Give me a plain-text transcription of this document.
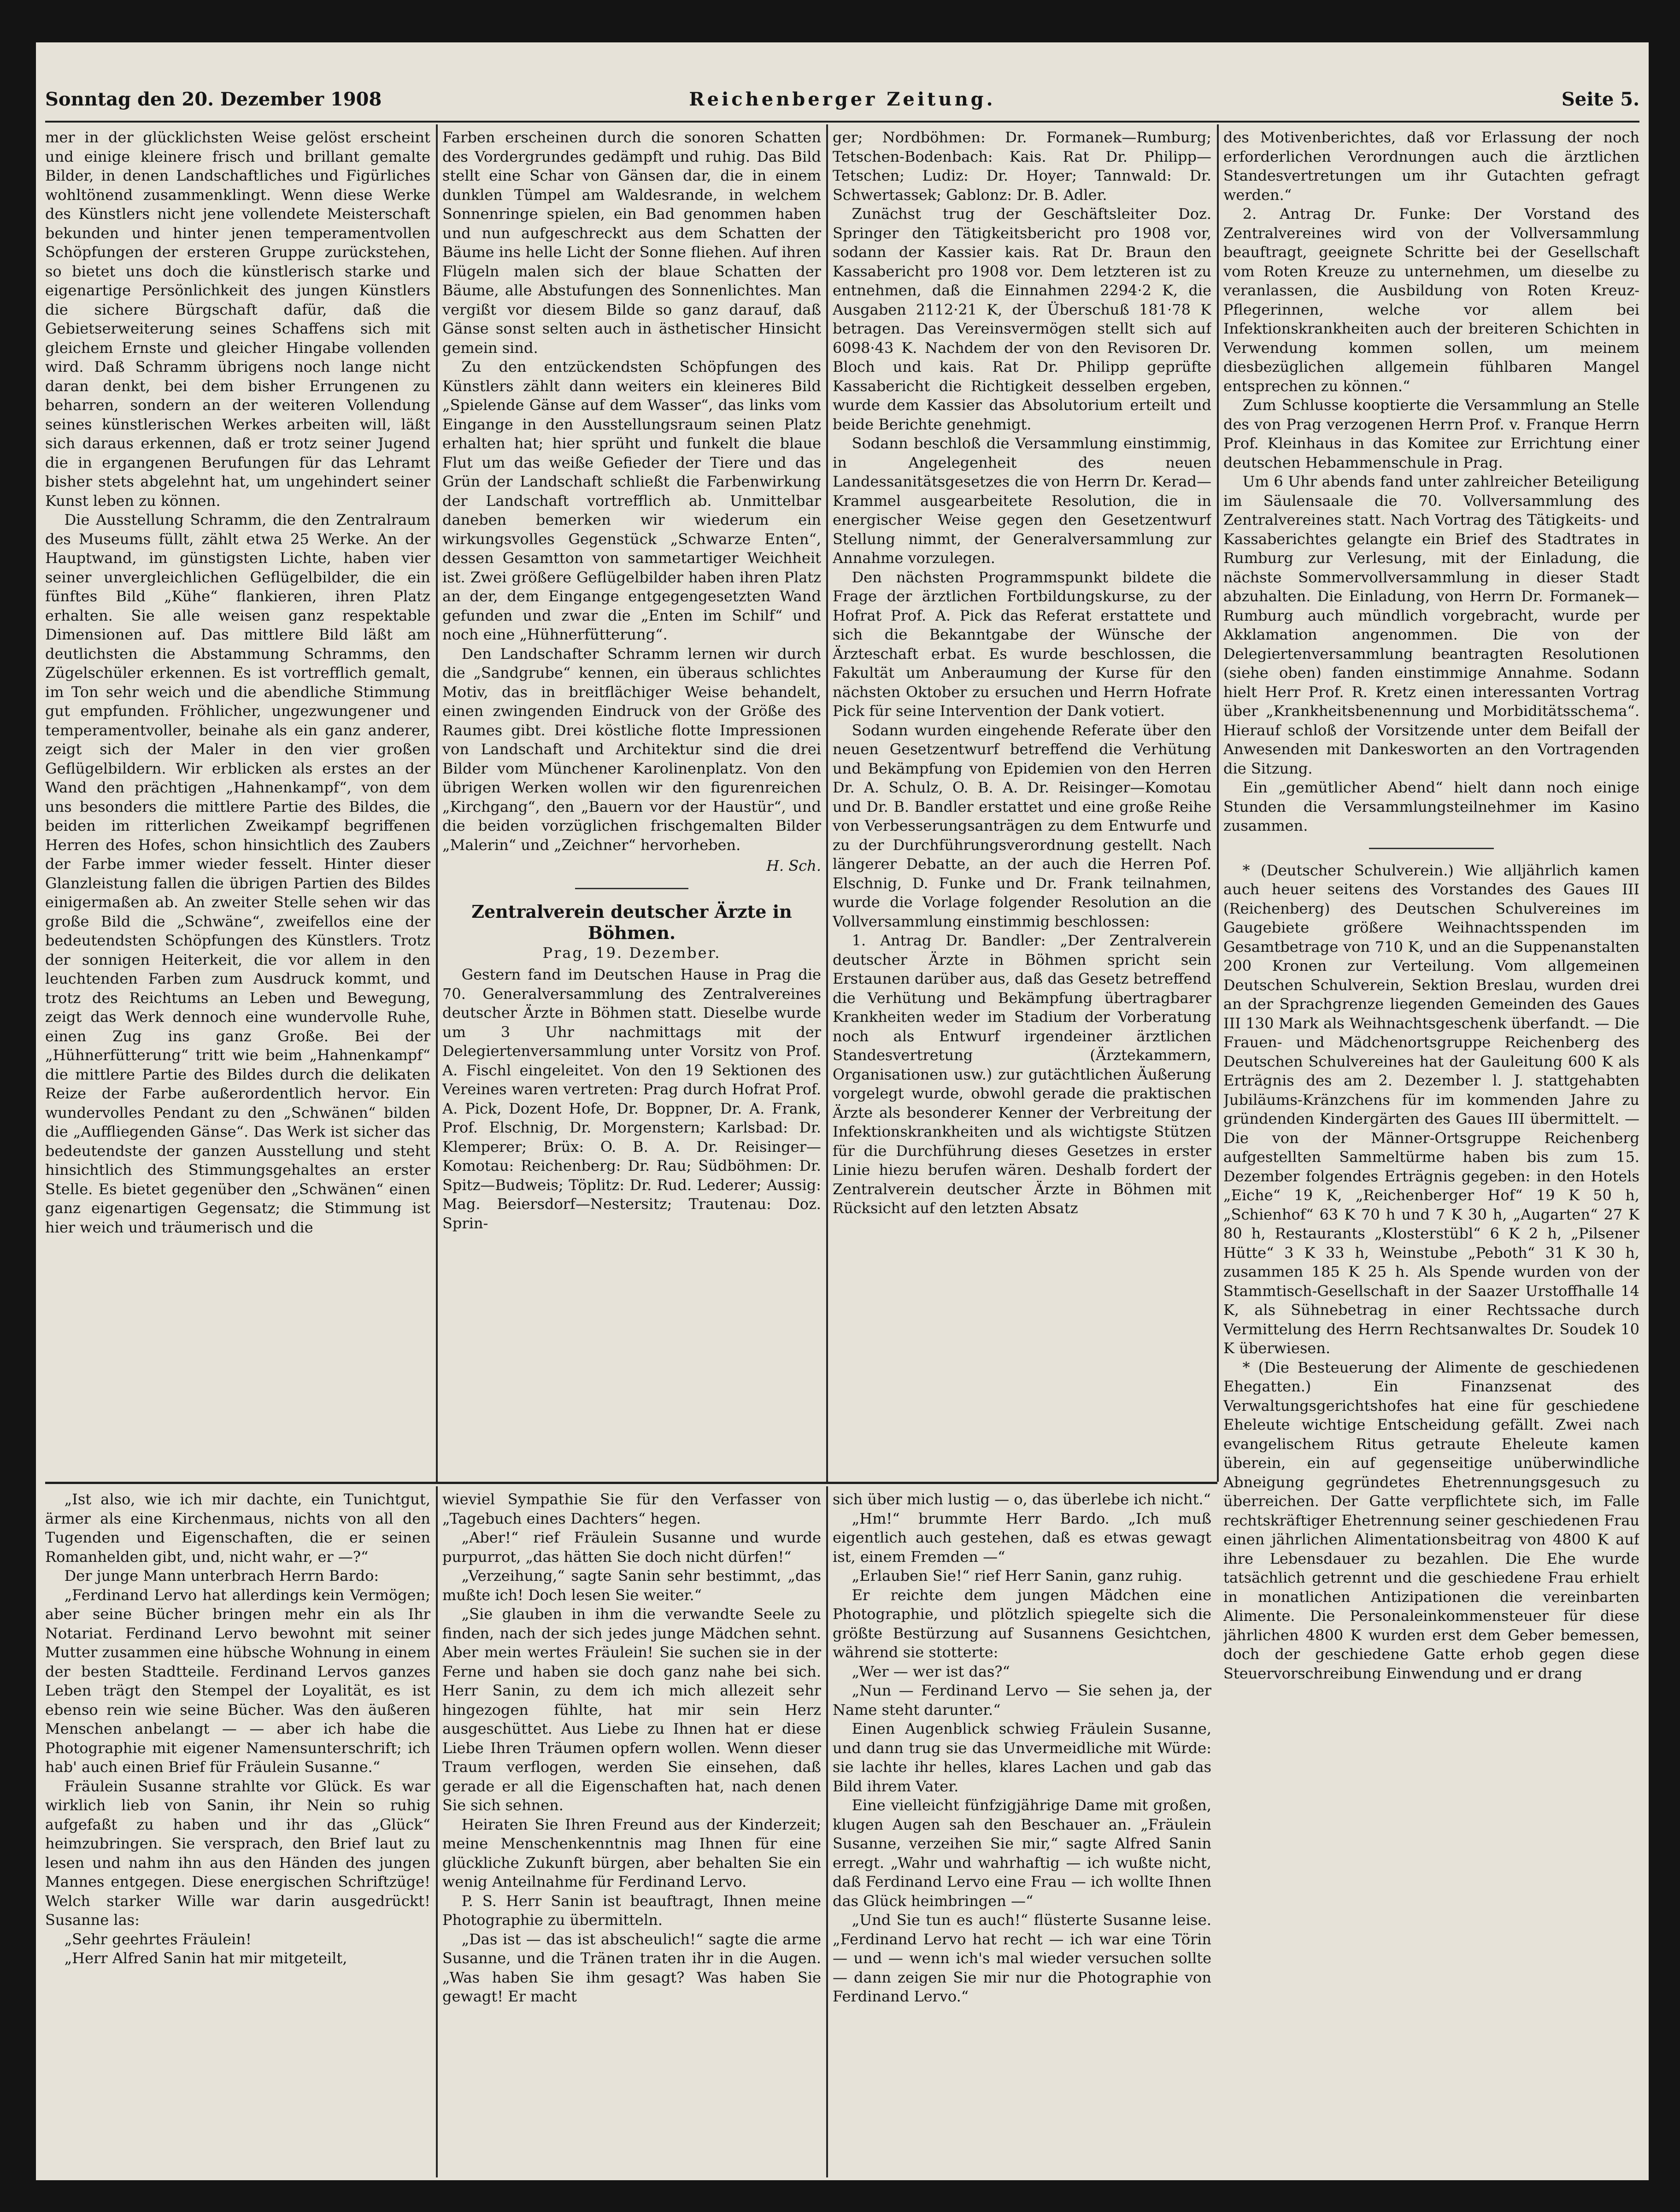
Sonntag den 20. Dezember 1908	Reichenberger Zeitung.	Seite 5.

mer in der glücklichsten Weise gelöst erscheint und einige kleinere frisch und brillant gemalte Bilder, in denen Landschaftliches und Figürliches wohltönend zusammenklingt. Wenn diese Werke des Künstlers nicht jene vollendete Meisterschaft bekunden und hinter jenen temperamentvollen Schöpfungen der ersteren Gruppe zurückstehen, so bietet uns doch die künstlerisch starke und eigenartige Persönlichkeit des jungen Künstlers die sichere Bürgschaft dafür, daß die Gebietserweiterung seines Schaffens sich mit gleichem Ernste und gleicher Hingabe vollenden wird. Daß Schramm übrigens noch lange nicht daran denkt, bei dem bisher Errungenen zu beharren, sondern an der weiteren Vollendung seines künstlerischen Werkes arbeiten will, läßt sich daraus erkennen, daß er trotz seiner Jugend die in ergangenen Berufungen für das Lehramt bisher stets abgelehnt hat, um ungehindert seiner Kunst leben zu können.

Die Ausstellung Schramm, die den Zentralraum des Museums füllt, zählt etwa 25 Werke. An der Hauptwand, im günstigsten Lichte, haben vier seiner unvergleichlichen Geflügelbilder, die ein fünftes Bild „Kühe“ flankieren, ihren Platz erhalten. Sie alle weisen ganz respektable Dimensionen auf. Das mittlere Bild läßt am deutlichsten die Abstammung Schramms, den Zügelschüler erkennen. Es ist vortrefflich gemalt, im Ton sehr weich und die abendliche Stimmung gut empfunden. Fröhlicher, ungezwungener und temperamentvoller, beinahe als ein ganz anderer, zeigt sich der Maler in den vier großen Geflügelbildern. Wir erblicken als erstes an der Wand den prächtigen „Hahnenkampf“, von dem uns besonders die mittlere Partie des Bildes, die beiden im ritterlichen Zweikampf begriffenen Herren des Hofes, schon hinsichtlich des Zaubers der Farbe immer wieder fesselt. Hinter dieser Glanzleistung fallen die übrigen Partien des Bildes einigermaßen ab. An zweiter Stelle sehen wir das große Bild die „Schwäne“, zweifellos eine der bedeutendsten Schöpfungen des Künstlers. Trotz der sonnigen Heiterkeit, die vor allem in den leuchtenden Farben zum Ausdruck kommt, und trotz des Reichtums an Leben und Bewegung, zeigt das Werk dennoch eine wundervolle Ruhe, einen Zug ins ganz Große. Bei der „Hühnerfütterung“ tritt wie beim „Hahnenkampf“ die mittlere Partie des Bildes durch die delikaten Reize der Farbe außerordentlich hervor. Ein wundervolles Pendant zu den „Schwänen“ bilden die „Auffliegenden Gänse“. Das Werk ist sicher das bedeutendste der ganzen Ausstellung und steht hinsichtlich des Stimmungsgehaltes an erster Stelle. Es bietet gegenüber den „Schwänen“ einen ganz eigenartigen Gegensatz; die Stimmung ist hier weich und träumerisch und die

Farben erscheinen durch die sonoren Schatten des Vordergrundes gedämpft und ruhig. Das Bild stellt eine Schar von Gänsen dar, die in einem dunklen Tümpel am Waldesrande, in welchem Sonnenringe spielen, ein Bad genommen haben und nun aufgeschreckt aus dem Schatten der Bäume ins helle Licht der Sonne fliehen. Auf ihren Flügeln malen sich der blaue Schatten der Bäume, alle Abstufungen des Sonnenlichtes. Man vergißt vor diesem Bilde so ganz darauf, daß Gänse sonst selten auch in ästhetischer Hinsicht gemein sind.

Zu den entzückendsten Schöpfungen des Künstlers zählt dann weiters ein kleineres Bild „Spielende Gänse auf dem Wasser“, das links vom Eingange in den Ausstellungsraum seinen Platz erhalten hat; hier sprüht und funkelt die blaue Flut um das weiße Gefieder der Tiere und das Grün der Landschaft schließt die Farbenwirkung der Landschaft vortrefflich ab. Unmittelbar daneben bemerken wir wiederum ein wirkungsvolles Gegenstück „Schwarze Enten“, dessen Gesamtton von sammetartiger Weichheit ist. Zwei größere Geflügelbilder haben ihren Platz an der, dem Eingange entgegengesetzten Wand gefunden und zwar die „Enten im Schilf“ und noch eine „Hühnerfütterung“.

Den Landschafter Schramm lernen wir durch die „Sandgrube“ kennen, ein überaus schlichtes Motiv, das in breitflächiger Weise behandelt, einen zwingenden Eindruck von der Größe des Raumes gibt. Drei köstliche flotte Impressionen von Landschaft und Architektur sind die drei Bilder vom Münchener Karolinenplatz. Von den übrigen Werken wollen wir den figurenreichen „Kirchgang“, den „Bauern vor der Haustür“, und die beiden vorzüglichen frischgemalten Bilder „Malerin“ und „Zeichner“ hervorheben.

H. Sch.

Zentralverein deutscher Ärzte in Böhmen.

Prag, 19. Dezember.

Gestern fand im Deutschen Hause in Prag die 70. Generalversammlung des Zentralvereines deutscher Ärzte in Böhmen statt. Dieselbe wurde um 3 Uhr nachmittags mit der Delegiertenversammlung unter Vorsitz von Prof. A. Fischl eingeleitet. Von den 19 Sektionen des Vereines waren vertreten: Prag durch Hofrat Prof. A. Pick, Dozent Hofe, Dr. Boppner, Dr. A. Frank, Prof. Elschnig, Dr. Morgenstern; Karlsbad: Dr. Klemperer; Brüx: O. B. A. Dr. Reisinger—Komotau: Reichenberg: Dr. Rau; Südböhmen: Dr. Spitz—Budweis; Töplitz: Dr. Rud. Lederer; Aussig: Mag. Beiersdorf—Nestersitz; Trautenau: Doz. Sprin-

ger; Nordböhmen: Dr. Formanek—Rumburg; Tetschen-Bodenbach: Kais. Rat Dr. Philipp—Tetschen; Ludiz: Dr. Hoyer; Tannwald: Dr. Schwertassek; Gablonz: Dr. B. Adler.

Zunächst trug der Geschäftsleiter Doz. Springer den Tätigkeitsbericht pro 1908 vor, sodann der Kassier kais. Rat Dr. Braun den Kassabericht pro 1908 vor. Dem letzteren ist zu entnehmen, daß die Einnahmen 2294·2 K, die Ausgaben 2112·21 K, der Überschuß 181·78 K betragen. Das Vereinsvermögen stellt sich auf 6098·43 K. Nachdem der von den Revisoren Dr. Bloch und kais. Rat Dr. Philipp geprüfte Kassabericht die Richtigkeit desselben ergeben, wurde dem Kassier das Absolutorium erteilt und beide Berichte genehmigt.

Sodann beschloß die Versammlung einstimmig, in Angelegenheit des neuen Landessanitätsgesetzes die von Herrn Dr. Kerad—Krammel ausgearbeitete Resolution, die in energischer Weise gegen den Gesetzentwurf Stellung nimmt, der Generalversammlung zur Annahme vorzulegen.

Den nächsten Programmspunkt bildete die Frage der ärztlichen Fortbildungskurse, zu der Hofrat Prof. A. Pick das Referat erstattete und sich die Bekanntgabe der Wünsche der Ärzteschaft erbat. Es wurde beschlossen, die Fakultät um Anberaumung der Kurse für den nächsten Oktober zu ersuchen und Herrn Hofrate Pick für seine Intervention der Dank votiert.

Sodann wurden eingehende Referate über den neuen Gesetzentwurf betreffend die Verhütung und Bekämpfung von Epidemien von den Herren Dr. A. Schulz, O. B. A. Dr. Reisinger—Komotau und Dr. B. Bandler erstattet und eine große Reihe von Verbesserungsanträgen zu dem Entwurfe und zu der Durchführungsverordnung gestellt. Nach längerer Debatte, an der auch die Herren Pof. Elschnig, D. Funke und Dr. Frank teilnahmen, wurde die Vorlage folgender Resolution an die Vollversammlung einstimmig beschlossen:

1. Antrag Dr. Bandler: „Der Zentralverein deutscher Ärzte in Böhmen spricht sein Erstaunen darüber aus, daß das Gesetz betreffend die Verhütung und Bekämpfung übertragbarer Krankheiten weder im Stadium der Vorberatung noch als Entwurf irgendeiner ärztlichen Standesvertretung (Ärztekammern, Organisationen usw.) zur gutächtlichen Äußerung vorgelegt wurde, obwohl gerade die praktischen Ärzte als besonderer Kenner der Verbreitung der Infektionskrankheiten und als wichtigste Stützen für die Durchführung dieses Gesetzes in erster Linie hiezu berufen wären. Deshalb fordert der Zentralverein deutscher Ärzte in Böhmen mit Rücksicht auf den letzten Absatz

des Motivenberichtes, daß vor Erlassung der noch erforderlichen Verordnungen auch die ärztlichen Standesvertretungen um ihr Gutachten gefragt werden.“

2. Antrag Dr. Funke: Der Vorstand des Zentralvereines wird von der Vollversammlung beauftragt, geeignete Schritte bei der Gesellschaft vom Roten Kreuze zu unternehmen, um dieselbe zu veranlassen, die Ausbildung von Roten Kreuz-Pflegerinnen, welche vor allem bei Infektionskrankheiten auch der breiteren Schichten in Verwendung kommen sollen, um meinem diesbezüglichen allgemein fühlbaren Mangel entsprechen zu können.“

Zum Schlusse kooptierte die Versammlung an Stelle des von Prag verzogenen Herrn Prof. v. Franque Herrn Prof. Kleinhaus in das Komitee zur Errichtung einer deutschen Hebammenschule in Prag.

Um 6 Uhr abends fand unter zahlreicher Beteiligung im Säulensaale die 70. Vollversammlung des Zentralvereines statt. Nach Vortrag des Tätigkeits- und Kassaberichtes gelangte ein Brief des Stadtrates in Rumburg zur Verlesung, mit der Einladung, die nächste Sommervollversammlung in dieser Stadt abzuhalten. Die Einladung, von Herrn Dr. Formanek—Rumburg auch mündlich vorgebracht, wurde per Akklamation angenommen. Die von der Delegiertenversammlung beantragten Resolutionen (siehe oben) fanden einstimmige Annahme. Sodann hielt Herr Prof. R. Kretz einen interessanten Vortrag über „Krankheitsbenennung und Morbiditätsschema“. Hierauf schloß der Vorsitzende unter dem Beifall der Anwesenden mit Dankesworten an den Vortragenden die Sitzung.

Ein „gemütlicher Abend“ hielt dann noch einige Stunden die Versammlungsteilnehmer im Kasino zusammen.

* (Deutscher Schulverein.) Wie alljährlich kamen auch heuer seitens des Vorstandes des Gaues III (Reichenberg) des Deutschen Schulvereines im Gaugebiete größere Weihnachtsspenden im Gesamtbetrage von 710 K, und an die Suppenanstalten 200 Kronen zur Verteilung. Vom allgemeinen Deutschen Schulverein, Sektion Breslau, wurden drei an der Sprachgrenze liegenden Gemeinden des Gaues III 130 Mark als Weihnachtsgeschenk überfandt. — Die Frauen- und Mädchenortsgruppe Reichenberg des Deutschen Schulvereines hat der Gauleitung 600 K als Erträgnis des am 2. Dezember l. J. stattgehabten Jubiläums-Kränzchens für im kommenden Jahre zu gründenden Kindergärten des Gaues III übermittelt. — Die von der Männer-Ortsgruppe Reichenberg aufgestellten Sammeltürme haben bis zum 15. Dezember folgendes Erträgnis gegeben: in den Hotels „Eiche“ 19 K, „Reichenberger Hof“ 19 K 50 h, „Schienhof“ 63 K 70 h und 7 K 30 h, „Augarten“ 27 K 80 h, Restaurants „Klosterstübl“ 6 K 2 h, „Pilsener Hütte“ 3 K 33 h, Weinstube „Peboth“ 31 K 30 h, zusammen 185 K 25 h. Als Spende wurden von der Stammtisch-Gesellschaft in der Saazer Urstoffhalle 14 K, als Sühnebetrag in einer Rechtssache durch Vermittelung des Herrn Rechtsanwaltes Dr. Soudek 10 K überwiesen.

* (Die Besteuerung der Alimente de geschiedenen Ehegatten.) Ein Finanzsenat des Verwaltungsgerichtshofes hat eine für geschiedene Eheleute wichtige Entscheidung gefällt. Zwei nach evangelischem Ritus getraute Eheleute kamen überein, ein auf gegenseitige unüberwindliche Abneigung gegründetes Ehetrennungsgesuch zu überreichen. Der Gatte verpflichtete sich, im Falle rechtskräftiger Ehetrennung seiner geschiedenen Frau einen jährlichen Alimentationsbeitrag von 4800 K auf ihre Lebensdauer zu bezahlen. Die Ehe wurde tatsächlich getrennt und die geschiedene Frau erhielt in monatlichen Antizipationen die vereinbarten Alimente. Die Personaleinkommensteuer für diese jährlichen 4800 K wurden erst dem Geber bemessen, doch der geschiedene Gatte erhob gegen diese Steuervorschreibung Einwendung und er drang

„Ist also, wie ich mir dachte, ein Tunichtgut, ärmer als eine Kirchenmaus, nichts von all den Tugenden und Eigenschaften, die er seinen Romanhelden gibt, und, nicht wahr, er —?“

Der junge Mann unterbrach Herrn Bardo:

„Ferdinand Lervo hat allerdings kein Vermögen; aber seine Bücher bringen mehr ein als Ihr Notariat. Ferdinand Lervo bewohnt mit seiner Mutter zusammen eine hübsche Wohnung in einem der besten Stadtteile. Ferdinand Lervos ganzes Leben trägt den Stempel der Loyalität, es ist ebenso rein wie seine Bücher. Was den äußeren Menschen anbelangt — — aber ich habe die Photographie mit eigener Namensunterschrift; ich hab' auch einen Brief für Fräulein Susanne.“

Fräulein Susanne strahlte vor Glück. Es war wirklich lieb von Sanin, ihr Nein so ruhig aufgefaßt zu haben und ihr das „Glück“ heimzubringen. Sie versprach, den Brief laut zu lesen und nahm ihn aus den Händen des jungen Mannes entgegen. Diese energischen Schriftzüge! Welch starker Wille war darin ausgedrückt! Susanne las:

„Sehr geehrtes Fräulein!

„Herr Alfred Sanin hat mir mitgeteilt,

wieviel Sympathie Sie für den Verfasser von „Tagebuch eines Dachters“ hegen.

„Aber!“ rief Fräulein Susanne und wurde purpurrot, „das hätten Sie doch nicht dürfen!“

„Verzeihung,“ sagte Sanin sehr bestimmt, „das mußte ich! Doch lesen Sie weiter.“

„Sie glauben in ihm die verwandte Seele zu finden, nach der sich jedes junge Mädchen sehnt. Aber mein wertes Fräulein! Sie suchen sie in der Ferne und haben sie doch ganz nahe bei sich. Herr Sanin, zu dem ich mich allezeit sehr hingezogen fühlte, hat mir sein Herz ausgeschüttet. Aus Liebe zu Ihnen hat er diese Liebe Ihren Träumen opfern wollen. Wenn dieser Traum verflogen, werden Sie einsehen, daß gerade er all die Eigenschaften hat, nach denen Sie sich sehnen.

Heiraten Sie Ihren Freund aus der Kinderzeit; meine Menschenkenntnis mag Ihnen für eine glückliche Zukunft bürgen, aber behalten Sie ein wenig Anteilnahme für Ferdinand Lervo.

P. S. Herr Sanin ist beauftragt, Ihnen meine Photographie zu übermitteln.

„Das ist — das ist abscheulich!“ sagte die arme Susanne, und die Tränen traten ihr in die Augen. „Was haben Sie ihm gesagt? Was haben Sie gewagt! Er macht

sich über mich lustig — o, das überlebe ich nicht.“

„Hm!“ brummte Herr Bardo. „Ich muß eigentlich auch gestehen, daß es etwas gewagt ist, einem Fremden —“

„Erlauben Sie!“ rief Herr Sanin, ganz ruhig.

Er reichte dem jungen Mädchen eine Photographie, und plötzlich spiegelte sich die größte Bestürzung auf Susannens Gesichtchen, während sie stotterte:

„Wer — wer ist das?“

„Nun — Ferdinand Lervo — Sie sehen ja, der Name steht darunter.“

Einen Augenblick schwieg Fräulein Susanne, und dann trug sie das Unvermeidliche mit Würde: sie lachte ihr helles, klares Lachen und gab das Bild ihrem Vater.

Eine vielleicht fünfzigjährige Dame mit großen, klugen Augen sah den Beschauer an. „Fräulein Susanne, verzeihen Sie mir,“ sagte Alfred Sanin erregt. „Wahr und wahrhaftig — ich wußte nicht, daß Ferdinand Lervo eine Frau — ich wollte Ihnen das Glück heimbringen —“

„Und Sie tun es auch!“ flüsterte Susanne leise. „Ferdinand Lervo hat recht — ich war eine Törin — und — wenn ich's mal wieder versuchen sollte — dann zeigen Sie mir nur die Photographie von Ferdinand Lervo.“
